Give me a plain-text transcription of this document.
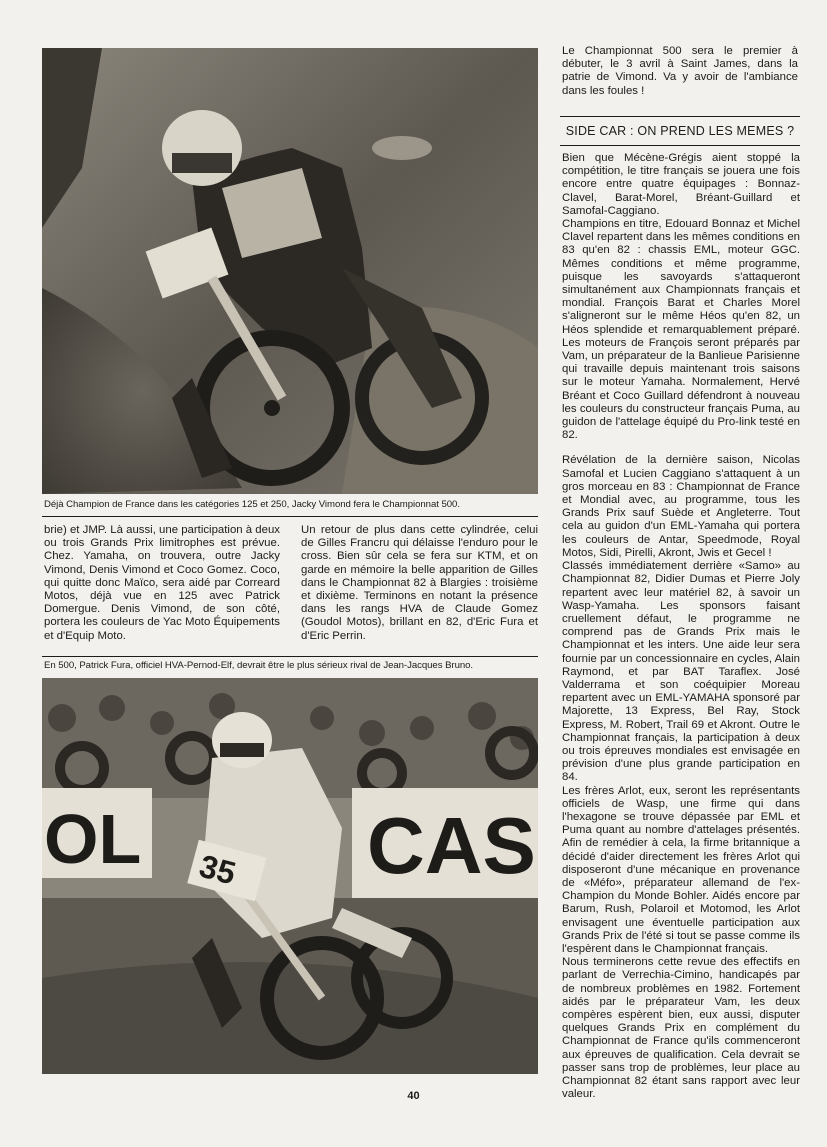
Déjà Champion de France dans les catégories 125 et 250, Jacky Vimond fera le Championnat 500.

brie) et JMP. Là aussi, une participation à deux ou trois Grands Prix limitrophes est prévue. Chez. Yamaha, on trouvera, outre Jacky Vimond, Denis Vimond et Coco Gomez. Coco, qui quitte donc Maïco, sera aidé par Correard Motos, déjà vue en 125 avec Patrick Domergue. Denis Vimond, de son côté, portera les couleurs de Yac Moto Équipements et d'Equip Moto.

Un retour de plus dans cette cylindrée, celui de Gilles Francru qui délaisse l'enduro pour le cross. Bien sûr cela se fera sur KTM, et on garde en mémoire la belle apparition de Gilles dans le Championnat 82 à Blargies : troisième et dixième. Terminons en notant la présence dans les rangs HVA de Claude Gomez (Goudol Motos), brillant en 82, d'Eric Fura et d'Eric Perrin.

En 500, Patrick Fura, officiel HVA-Pernod-Elf, devrait être le plus sérieux rival de Jean-Jacques Bruno.
OL	CAS
35

Le Championnat 500 sera le premier à débuter, le 3 avril à Saint James, dans la patrie de Vimond. Va y avoir de l'ambiance dans les foules !

SIDE CAR : ON PREND LES MEMES ?

Bien que Mécène-Grégis aient stoppé la compétition, le titre français se jouera une fois encore entre quatre équipages : Bonnaz-Clavel, Barat-Morel, Bréant-Guillard et Samofal-Caggiano.

Champions en titre, Edouard Bonnaz et Michel Clavel repartent dans les mêmes conditions en 83 qu'en 82 : chassis EML, moteur GGC. Mêmes conditions et même programme, puisque les savoyards s'attaqueront simultanément aux Championnats français et mondial. François Barat et Charles Morel s'aligneront sur le même Héos qu'en 82, un Héos splendide et remarquablement préparé. Les moteurs de François seront préparés par Vam, un préparateur de la Banlieue Parisienne qui travaille depuis maintenant trois saisons sur le moteur Yamaha. Normalement, Hervé Bréant et Coco Guillard défendront à nouveau les couleurs du constructeur français Puma, au guidon de l'attelage équipé du Pro-link testé en 82.

Révélation de la dernière saison, Nicolas Samofal et Lucien Caggiano s'attaquent à un gros morceau en 83 : Championnat de France et Mondial avec, au programme, tous les Grands Prix sauf Suède et Angleterre. Tout cela au guidon d'un EML-Yamaha qui portera les couleurs de Antar, Speedmode, Royal Motos, Sidi, Pirelli, Akront, Jwis et Gecel !

Classés immédiatement derrière «Samo» au Championnat 82, Didier Dumas et Pierre Joly repartent avec leur matériel 82, à savoir un Wasp-Yamaha. Les sponsors faisant cruellement défaut, le programme ne comprend pas de Grands Prix mais le Championnat et les inters. Une aide leur sera fournie par un concessionnaire en cycles, Alain Raymond, et par BAT Taraflex. José Valderrama et son coéquipier Moreau repartent avec un EML-YAMAHA sponsoré par Majorette, 13 Express, Bel Ray, Stock Express, M. Robert, Trail 69 et Akront. Outre le Championnat français, la participation à deux ou trois épreuves mondiales est envisagée en prévision d'une plus grande participation en 84.

Les frères Arlot, eux, seront les représentants officiels de Wasp, une firme qui dans l'hexagone se trouve dépassée par EML et Puma quant au nombre d'attelages présentés. Afin de remédier à cela, la firme britannique a décidé d'aider directement les frères Arlot qui disposeront d'une mécanique en provenance de «Méfo», préparateur allemand de l'ex-Champion du Monde Bohler. Aidés encore par Barum, Rush, Polaroil et Motomod, les Arlot envisagent une éventuelle participation aux Grands Prix de l'été si tout se passe comme ils l'espèrent dans le Championnat français.

Nous terminerons cette revue des effectifs en parlant de Verrechia-Cimino, handicapés par de nombreux problèmes en 1982. Fortement aidés par le préparateur Vam, les deux compères espèrent bien, eux aussi, disputer quelques Grands Prix en complément du Championnat de France qu'ils commenceront aux épreuves de qualification. Cela devrait se passer sans trop de problèmes, leur place au Championnat 82 étant sans rapport avec leur valeur.

40
